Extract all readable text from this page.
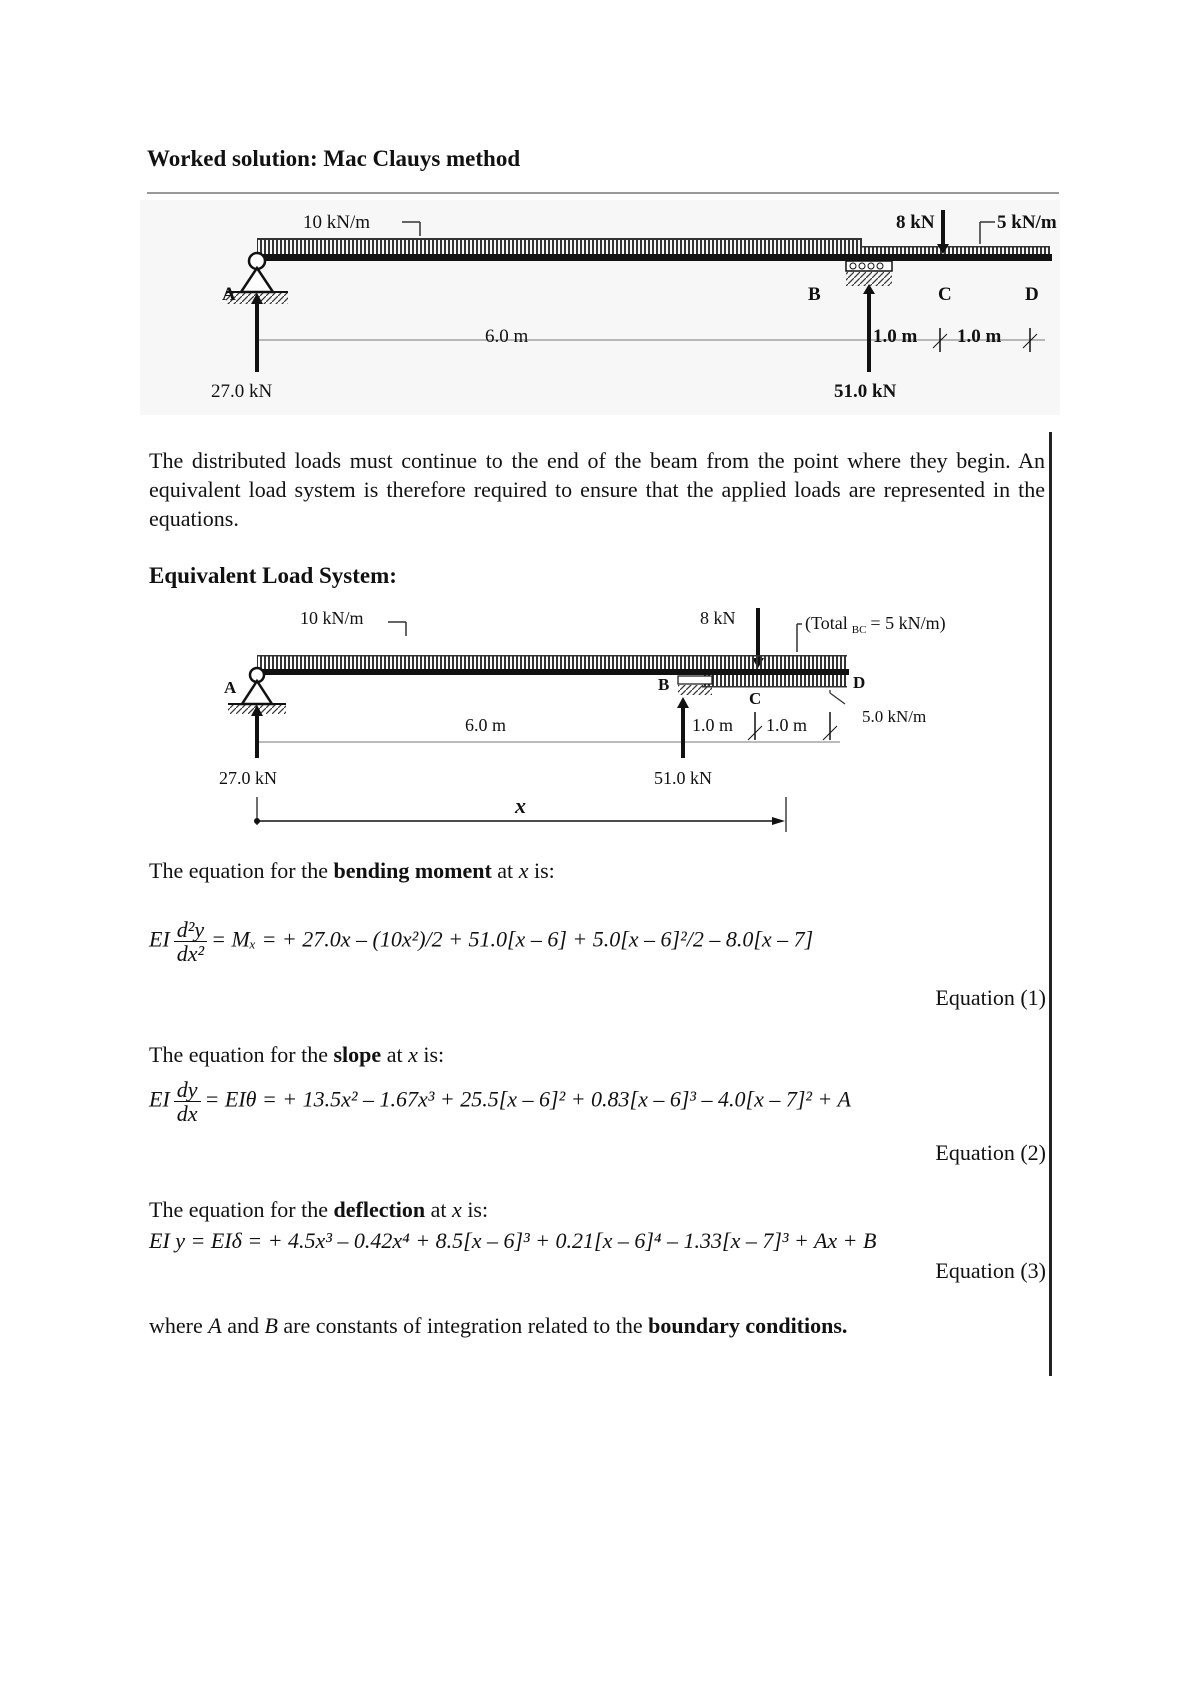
Worked solution: Mac Clauys method
10 kN/m	8 kN	5 kN/m
A	B	C	D
6.0 m	1.0 m 1.0 m
27.0 kN	51.0 kN
The distributed loads must continue to the end of the beam from the point where they begin. An equivalent load system is therefore required to ensure that the applied loads are represented in the equations.
Equivalent Load System:
10 kN/m	8 kN	(Total $_{BC}$ = 5 kN/m)
A	B
C
D
5.0 kN/m
6.0 m	1.0 m 1.0 m
27.0 kN	51.0 kN
x
The equation for the bending moment at x is:
EI $\frac{\text{d²y}}{\text{dx²}} = M_x$ = + 27.0x – (10x²)/2 + 51.0[x – 6] + 5.0[x – 6]²/2 – 8.0[x – 7]
Equation (1)
The equation for the slope at x is:
EI $\frac{dy}{dx} = EI\theta$ = + 13.5x² – 1.67x³ + 25.5[x – 6]² + 0.83[x – 6]³ – 4.0[x – 7]² + A
Equation (2)
The equation for the deflection at x is:
EI y = EIδ = + 4.5x³ – 0.42x⁴ + 8.5[x – 6]³ + 0.21[x – 6]⁴ – 1.33[x – 7]³ + Ax + B
Equation (3)
where A and B are constants of integration related to the boundary conditions.
